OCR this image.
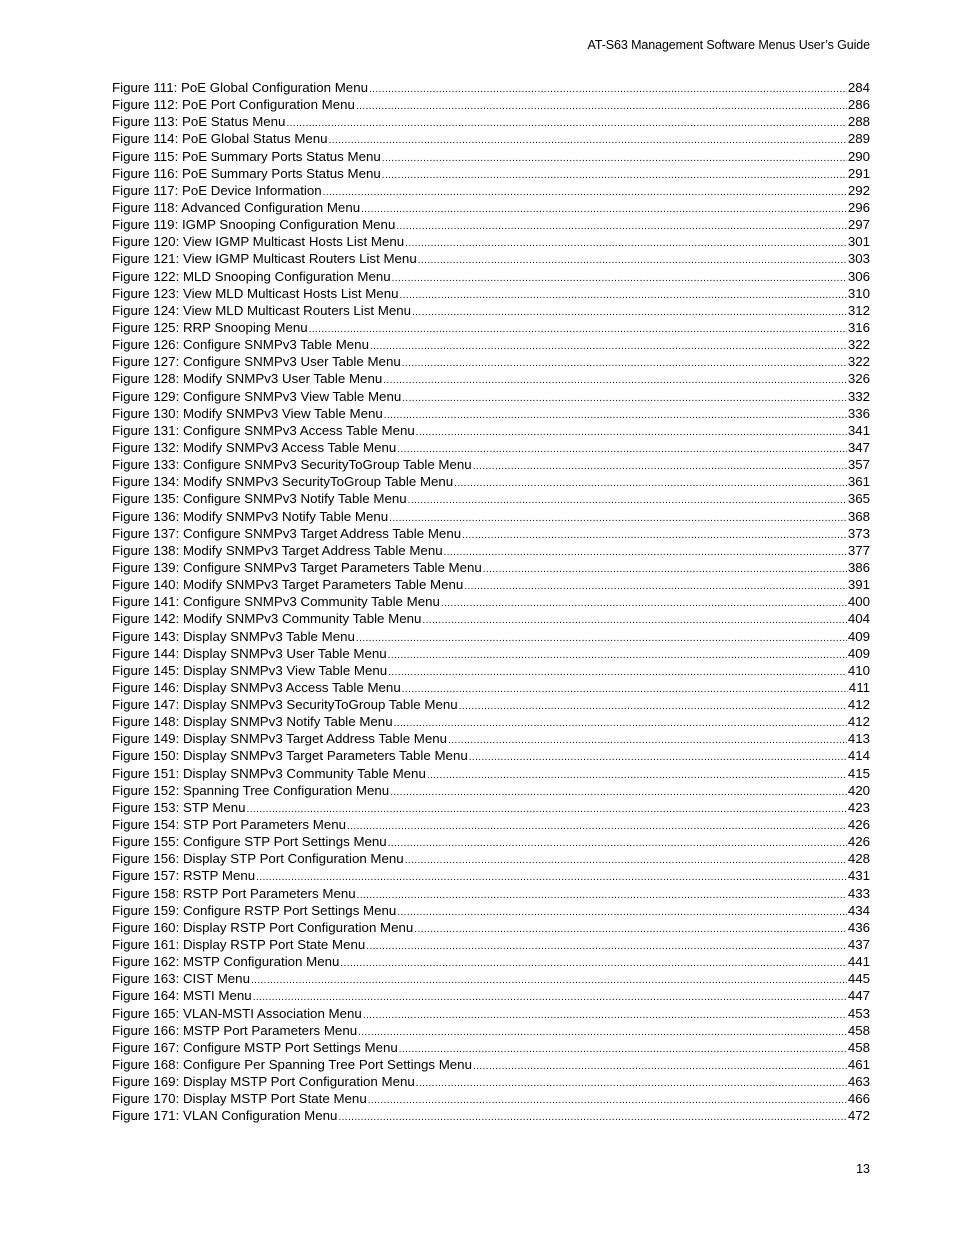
AT-S63 Management Software Menus User’s Guide
Figure 111: PoE Global Configuration Menu .....	284
Figure 112: PoE Port Configuration Menu .....	286
Figure 113: PoE Status Menu .....	288
Figure 114: PoE Global Status Menu .....	289
Figure 115: PoE Summary Ports Status Menu .....	290
Figure 116: PoE Summary Ports Status Menu .....	291
Figure 117: PoE Device Information .....	292
Figure 118: Advanced Configuration Menu .....	296
Figure 119: IGMP Snooping Configuration Menu .....	297
Figure 120: View IGMP Multicast Hosts List Menu .....	301
Figure 121: View IGMP Multicast Routers List Menu .....	303
Figure 122: MLD Snooping Configuration Menu .....	306
Figure 123: View MLD Multicast Hosts List Menu .....	310
Figure 124: View MLD Multicast Routers List Menu .....	312
Figure 125: RRP Snooping Menu .....	316
Figure 126: Configure SNMPv3 Table Menu .....	322
Figure 127: Configure SNMPv3 User Table Menu .....	322
Figure 128: Modify SNMPv3 User Table Menu .....	326
Figure 129: Configure SNMPv3 View Table Menu .....	332
Figure 130: Modify SNMPv3 View Table Menu .....	336
Figure 131: Configure SNMPv3 Access Table Menu .....	341
Figure 132: Modify SNMPv3 Access Table Menu .....	347
Figure 133: Configure SNMPv3 SecurityToGroup Table Menu .....	357
Figure 134: Modify SNMPv3 SecurityToGroup Table Menu .....	361
Figure 135: Configure SNMPv3 Notify Table Menu .....	365
Figure 136: Modify SNMPv3 Notify Table Menu .....	368
Figure 137: Configure SNMPv3 Target Address Table Menu .....	373
Figure 138: Modify SNMPv3 Target Address Table Menu .....	377
Figure 139: Configure SNMPv3 Target Parameters Table Menu .....	386
Figure 140: Modify SNMPv3 Target Parameters Table Menu .....	391
Figure 141: Configure SNMPv3 Community Table Menu .....	400
Figure 142: Modify SNMPv3 Community Table Menu .....	404
Figure 143: Display SNMPv3 Table Menu .....	409
Figure 144: Display SNMPv3 User Table Menu .....	409
Figure 145: Display SNMPv3 View Table Menu .....	410
Figure 146: Display SNMPv3 Access Table Menu .....	411
Figure 147: Display SNMPv3 SecurityToGroup Table Menu .....	412
Figure 148: Display SNMPv3 Notify Table Menu .....	412
Figure 149: Display SNMPv3 Target Address Table Menu .....	413
Figure 150: Display SNMPv3 Target Parameters Table Menu .....	414
Figure 151: Display SNMPv3 Community Table Menu .....	415
Figure 152: Spanning Tree Configuration Menu .....	420
Figure 153: STP Menu .....	423
Figure 154: STP Port Parameters Menu .....	426
Figure 155: Configure STP Port Settings Menu .....	426
Figure 156: Display STP Port Configuration Menu .....	428
Figure 157: RSTP Menu .....	431
Figure 158: RSTP Port Parameters Menu .....	433
Figure 159: Configure RSTP Port Settings Menu .....	434
Figure 160: Display RSTP Port Configuration Menu .....	436
Figure 161: Display RSTP Port State Menu .....	437
Figure 162: MSTP Configuration Menu .....	441
Figure 163: CIST Menu .....	445
Figure 164: MSTI Menu .....	447
Figure 165: VLAN-MSTI Association Menu .....	453
Figure 166: MSTP Port Parameters Menu .....	458
Figure 167: Configure MSTP Port Settings Menu .....	458
Figure 168: Configure Per Spanning Tree Port Settings Menu .....	461
Figure 169: Display MSTP Port Configuration Menu .....	463
Figure 170: Display MSTP Port State Menu .....	466
Figure 171: VLAN Configuration Menu .....	472
13
